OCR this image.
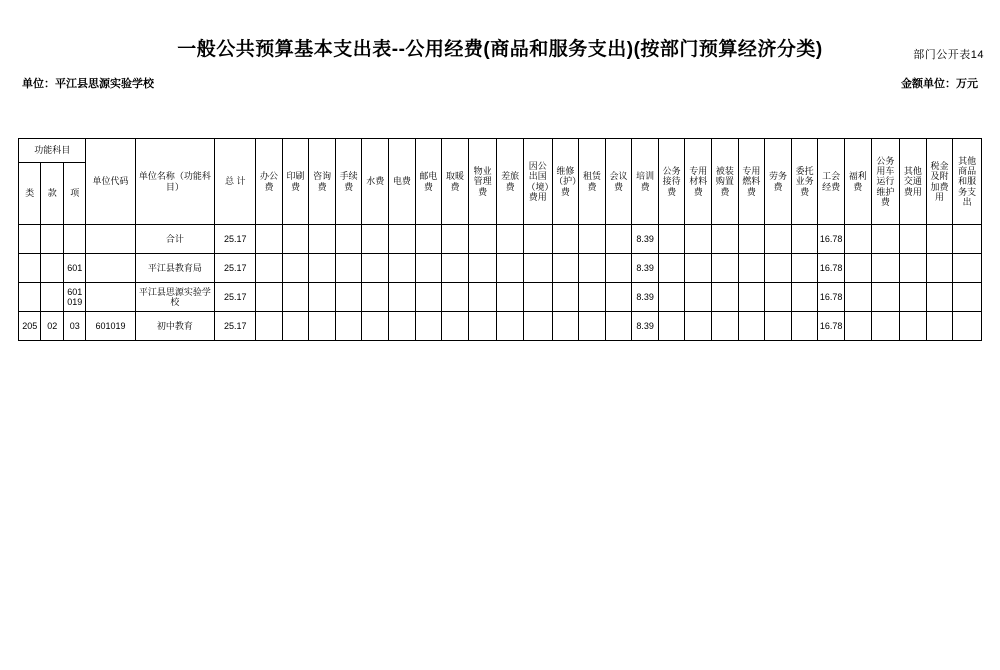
部门公开表14
一般公共预算基本支出表--公用经费(商品和服务支出)(按部门预算经济分类)
单位：平江县思源实验学校	金额单位：万元
功能科目			单位代码	单位名称（功能科目）	总 计	办公费	印刷费	咨询费	手续费	水费	电费	邮电费	取暖费	物业管理费	差旅费	因公出国（境）费用	维修（护）费	租赁费	会议费	培训费	公务接待费	专用材料费	被装购置费	专用燃料费	劳务费	委托业务费	工会经费	福利费	公务用车运行维护费	其他交通费用	税金及附加费用	其他商品和服务支出
类	款	项																														
				合计	25.17															8.39							16.78					
		601		平江县教育局	25.17															8.39							16.78					
		601019		平江县思源实验学校	25.17															8.39							16.78					
205	02	03	601019	初中教育	25.17															8.39							16.78					
